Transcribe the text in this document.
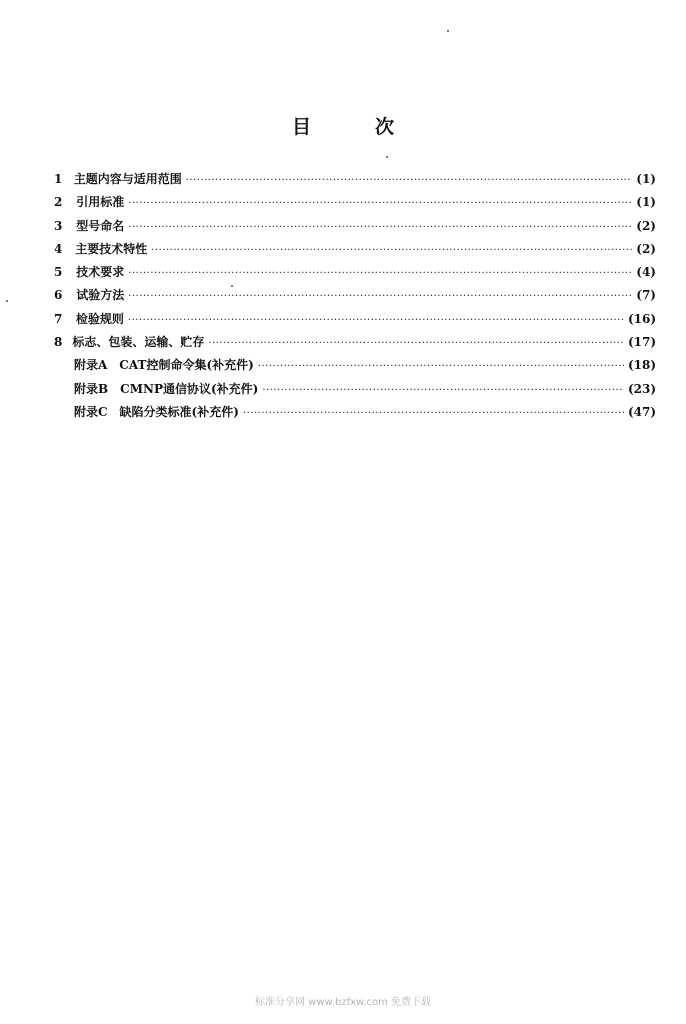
目	次
1 主题内容与适用范围 ·····	(1)
2	引用标准 ·····	(1)
3	型号命名 ·····	(2)
4	主要技术特性 ·····	(2)
5	技术要求 ·····	(4)
6	试验方法 ·····	(7)
7	检验规则 ·····	(16)
8 标志、包装、运输、贮存 ·····	(17)
附录A　CAT控制命令集(补充件) ·····	(18)
附录B　CMNP通信协议(补充件) ·····	(23)
附录C　缺陷分类标准(补充件) ·····	(47)
标准分享网 www.bzfxw.com 免费下载
